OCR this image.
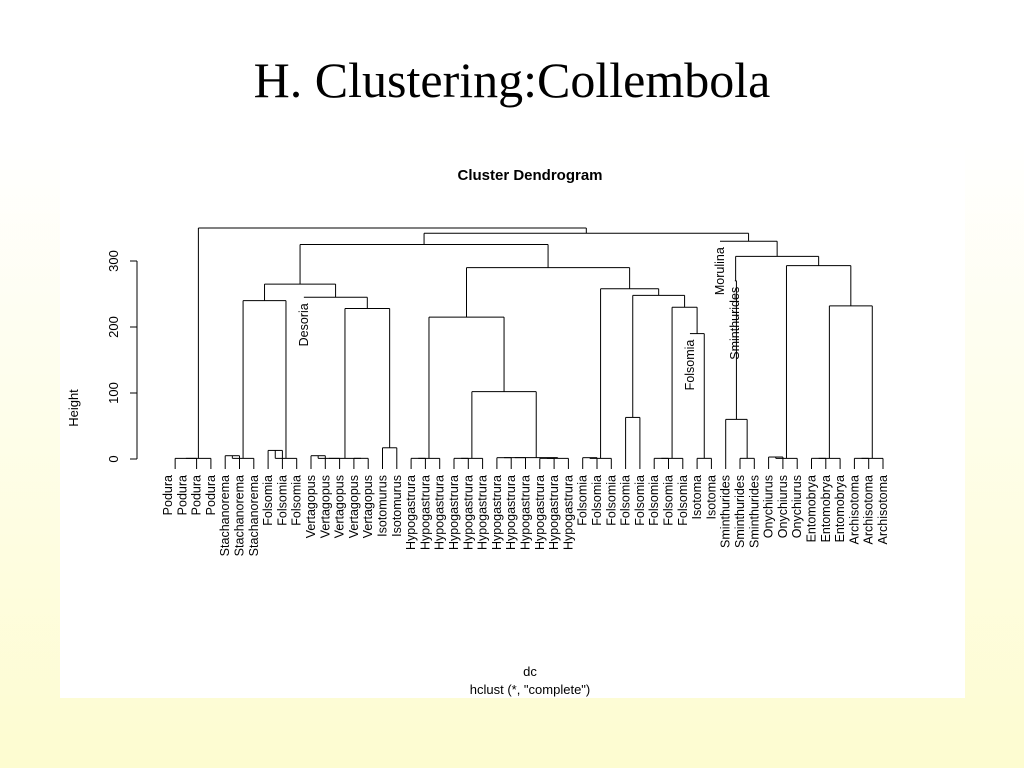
H. Clustering:Collembola
Cluster Dendrogram
Height
0
100
200
300
Podura Podura Podura Podura Stachanorema Stachanorema Stachanorema Folsomia Folsomia Folsomia Vertagopus Vertagopus Vertagopus Vertagopus Vertagopus Isotomurus Isotomurus Hypogastrura Hypogastrura Hypogastrura Hypogastrura Hypogastrura Hypogastrura Hypogastrura Hypogastrura Hypogastrura Hypogastrura Hypogastrura Hypogastrura Folsomia Folsomia Folsomia Folsomia Folsomia Folsomia Folsomia Folsomia Isotoma Isotoma Sminthurides Sminthurides Sminthurides Onychiurus Onychiurus Onychiurus Entomobrya Entomobrya Entomobrya Archisotoma Archisotoma Archisotoma
Desoria
Folsomia
Morulina
Sminthurides
dc
hclust (*, "complete")
